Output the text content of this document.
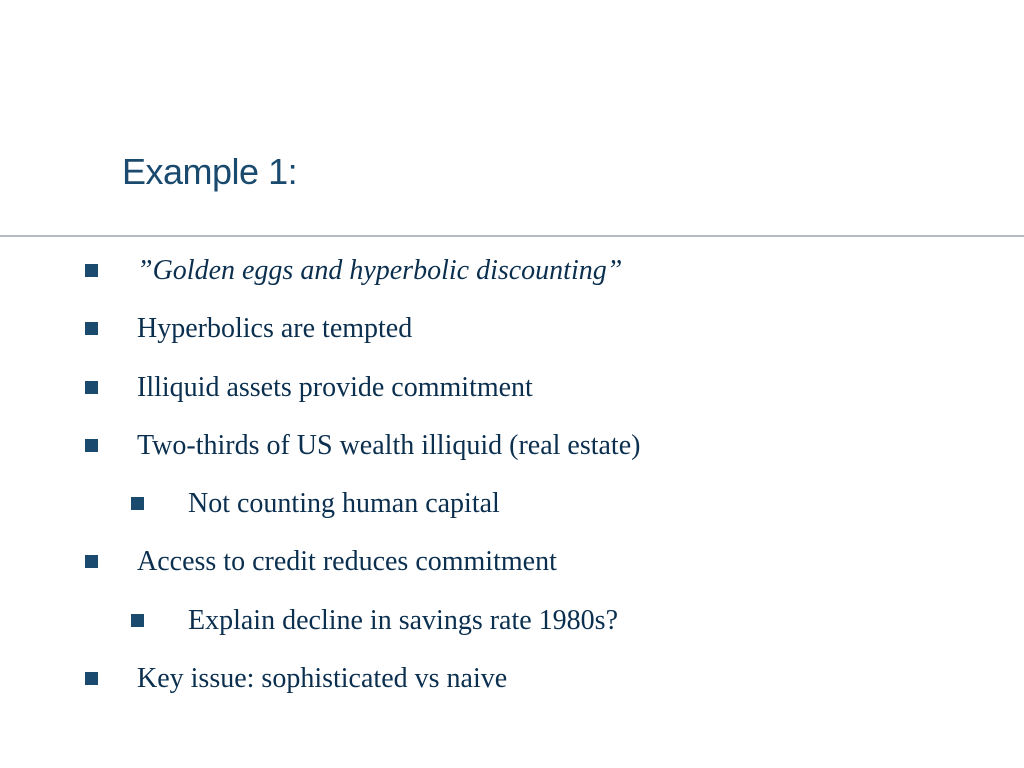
Example 1:
”Golden eggs and hyperbolic discounting”
Hyperbolics are tempted
Illiquid assets provide commitment
Two-thirds of US wealth illiquid (real estate)
Not counting human capital
Access to credit reduces commitment
Explain decline in savings rate 1980s?
Key issue: sophisticated vs naive
